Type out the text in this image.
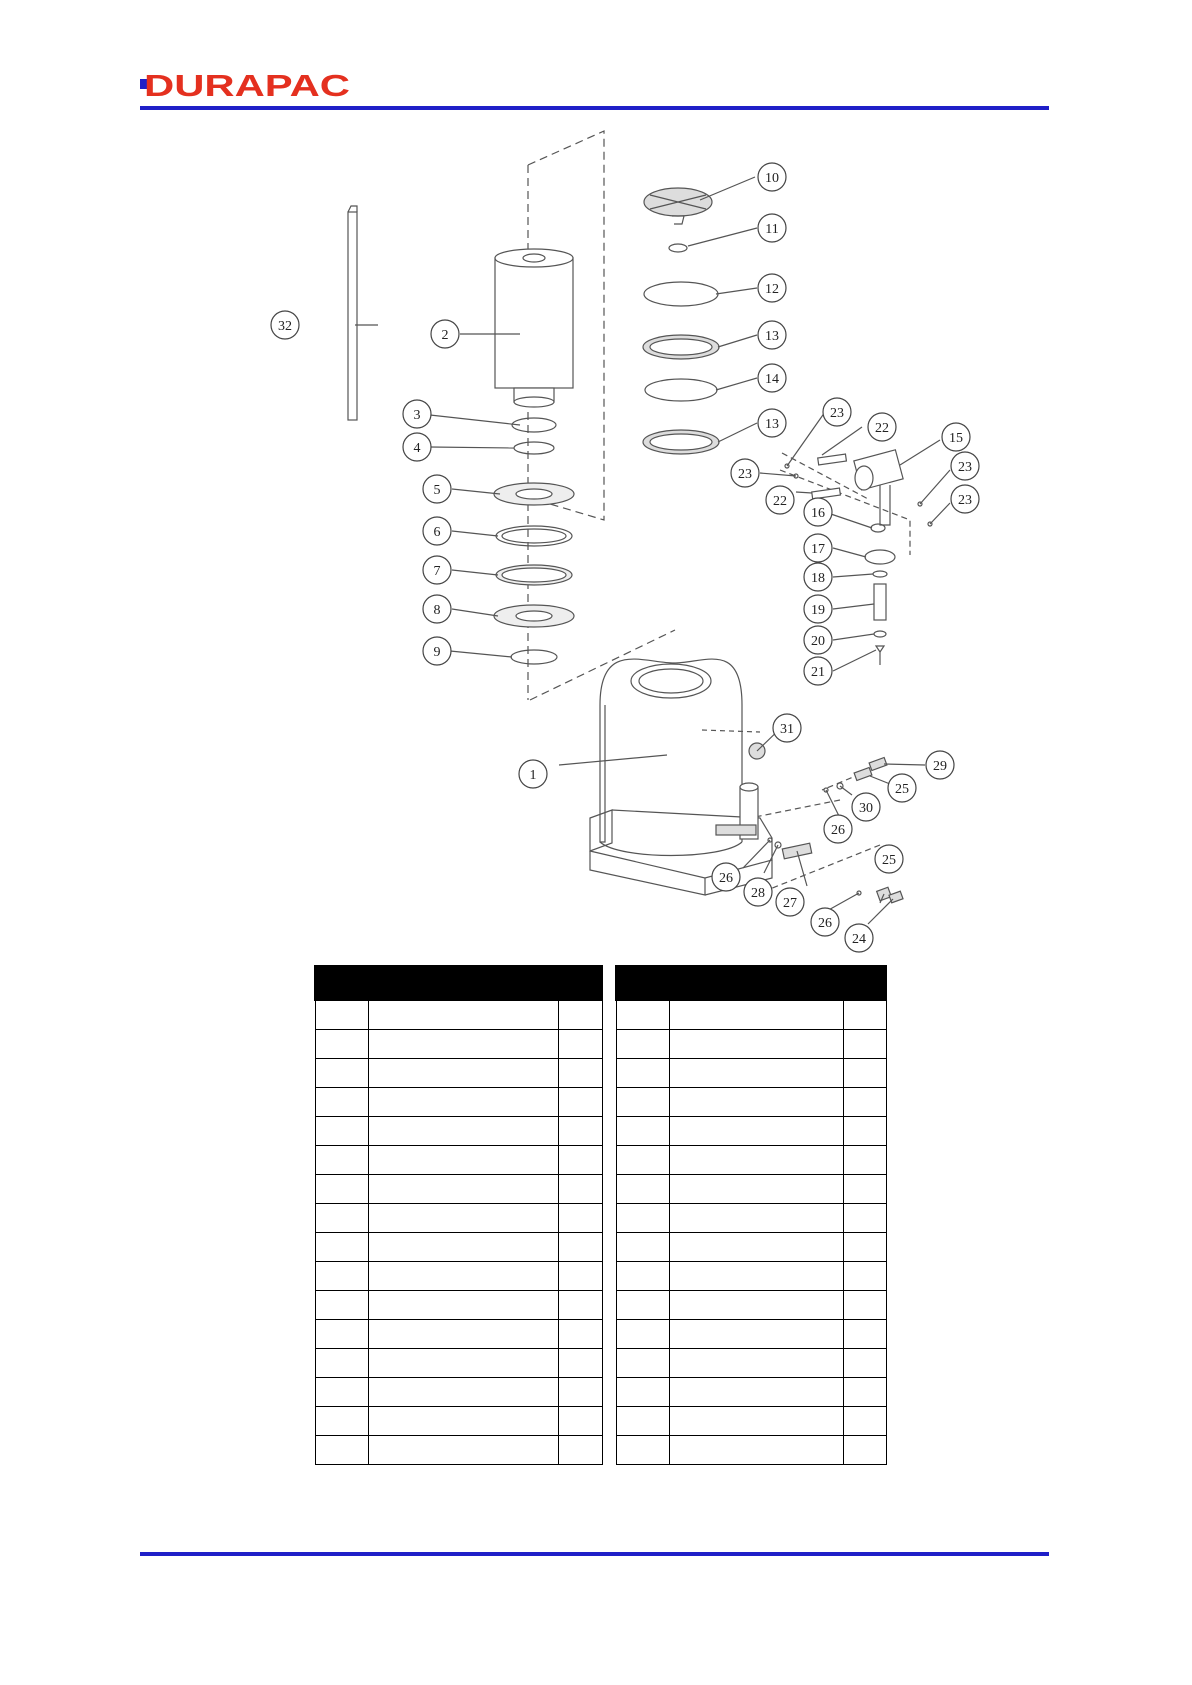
DURAPAC
32
2
3
4
5
6
7
8
9
10
11
12
13
14
13
15
16
17
18
19
20
21
22
22
23
23	23
23
1
31
29
25
30
26
26
28
27
26
25
24
